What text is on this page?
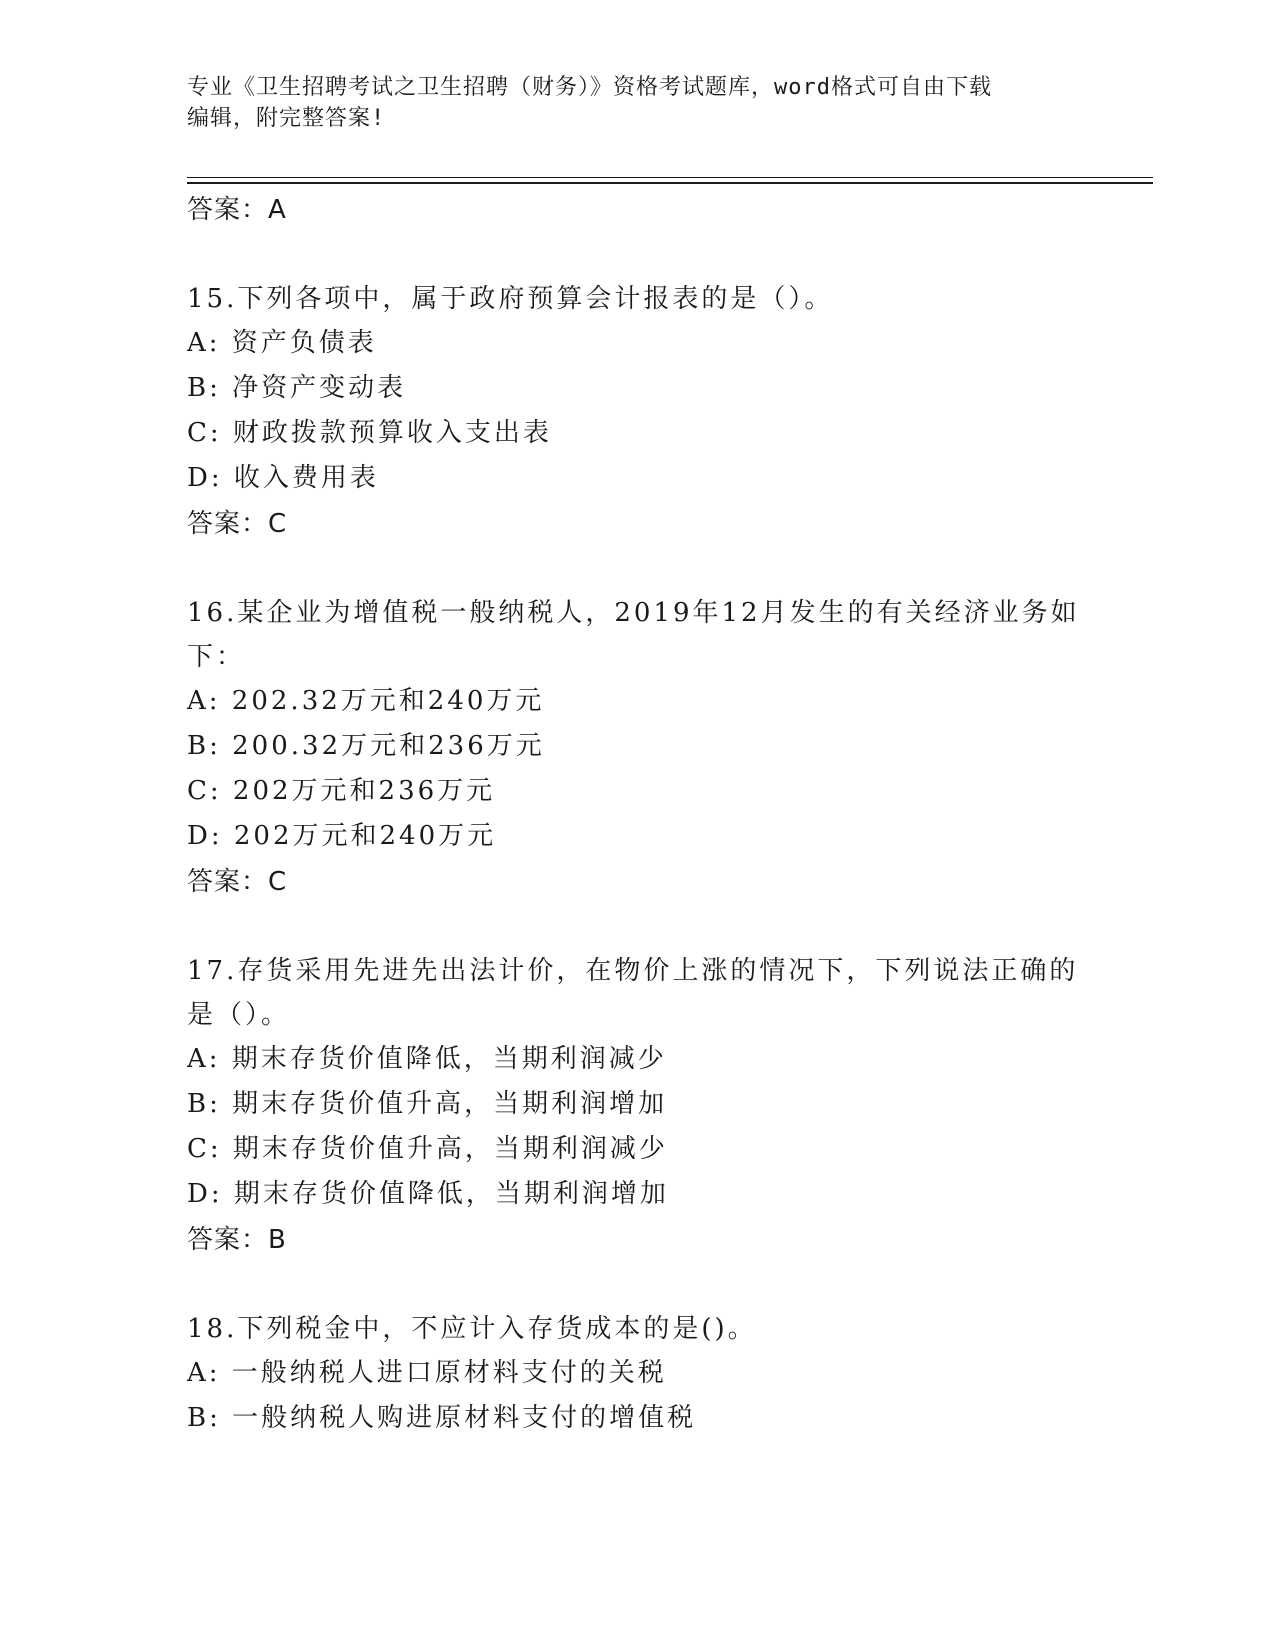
专业《卫生招聘考试之卫生招聘（财务）》资格考试题库，word格式可自由下载
编辑，附完整答案!
答案：A
15.下列各项中，属于政府预算会计报表的是（）。
A: 资产负债表
B: 净资产变动表
C: 财政拨款预算收入支出表
D: 收入费用表
答案：C
16.某企业为增值税一般纳税人，2019年12月发生的有关经济业务如下：
A: 202.32万元和240万元
B: 200.32万元和236万元
C: 202万元和236万元
D: 202万元和240万元
答案：C
17.存货采用先进先出法计价，在物价上涨的情况下，下列说法正确的是（）。
A: 期末存货价值降低，当期利润减少
B: 期末存货价值升高，当期利润增加
C: 期末存货价值升高，当期利润减少
D: 期末存货价值降低，当期利润增加
答案：B
18.下列税金中，不应计入存货成本的是()。
A: 一般纳税人进口原材料支付的关税
B: 一般纳税人购进原材料支付的增值税
